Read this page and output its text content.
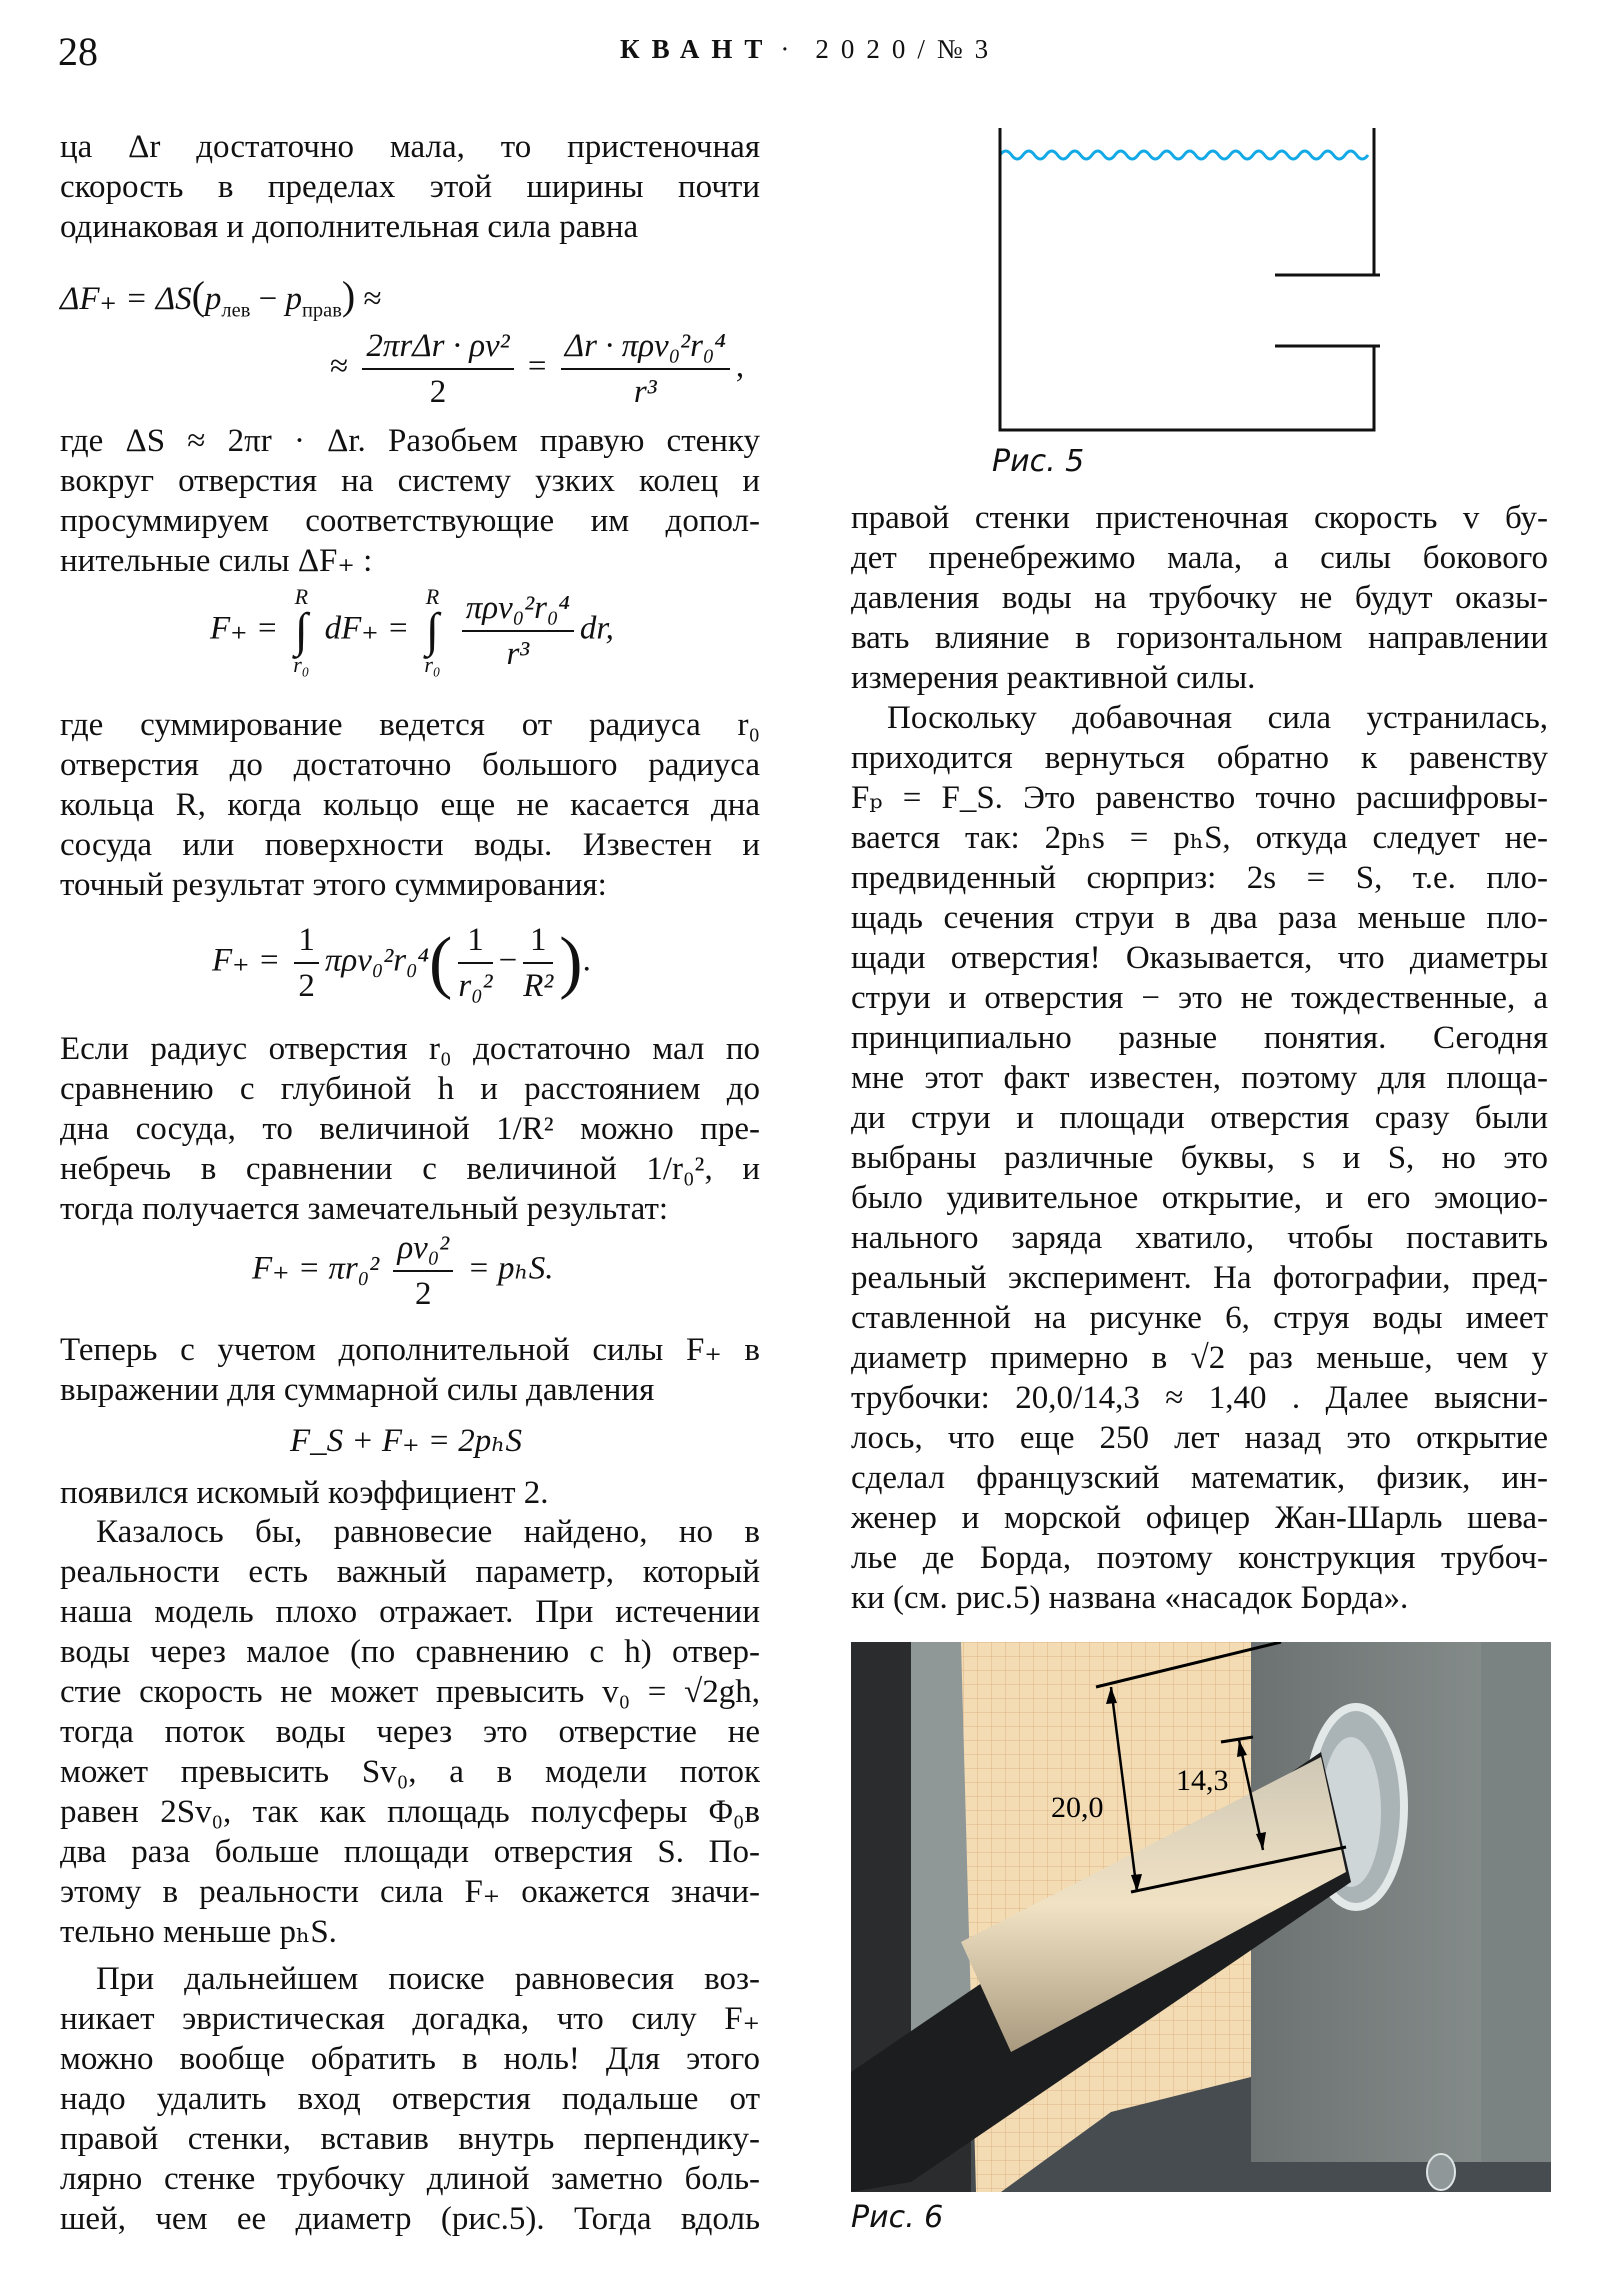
28	КВАНТ · 2020/№3
ца Δr достаточно мала, то пристеночная
скорость в пределах этой ширины почти
одинаковая и дополнительная сила равна
$\Delta F_+ = \Delta S(p_{лев} - p_{прав})$ ≈
≈ $\frac{\text{2πrΔr · ρv²}}{2} = \frac{\text{Δr · πρv₀²r₀⁴}}{\text{r³}}$ ,
где ΔS ≈ 2πr · Δr. Разобьем правую стенку
вокруг отверстия на систему узких колец и
просуммируем соответствующие им допол-
нительные силы ΔF₊ :
F₊ =
R
∫
r₀
dF₊ =
R
∫
r₀
$\frac{\text{πρv₀²r₀⁴}}{\text{r³}}$ dr,
где суммирование ведется от радиуса r₀
отверстия до достаточно большого радиуса
кольца R, когда кольцо еще не касается дна
сосуда или поверхности воды. Известен и
точный результат этого суммирования:
$F_+ = \frac{1}{2} \pi\rho v_0^2r_0^4( \frac{1}{\text{r₀²}} - \frac{1}{\text{R²}}$ ).
Если радиус отверстия r₀ достаточно мал по
сравнению с глубиной h и расстоянием до
дна сосуда, то величиной 1/R² можно пре-
небречь в сравнении с величиной 1/r₀², и
тогда получается замечательный результат:
$F_+ = \pi r_0^2 \frac{\text{ρv₀²}}{2} = p_hS$.
Теперь с учетом дополнительной силы F₊ в
выражении для суммарной силы давления
F_S + F₊ = 2pₕS
появился искомый коэффициент 2.
Казалось бы, равновесие найдено, но в
реальности есть важный параметр, который
наша модель плохо отражает. При истечении
воды через малое (по сравнению с h) отвер-
стие скорость не может превысить v₀ = √2gh,
тогда поток воды через это отверстие не
может превысить Sv₀, а в модели поток
равен 2Sv₀, так как площадь полусферы Φ₀в
два раза больше площади отверстия S. По-
этому в реальности сила F₊ окажется значи-
тельно меньше pₕS.
При дальнейшем поиске равновесия воз-
никает эвристическая догадка, что силу F₊
можно вообще обратить в ноль! Для этого
надо удалить вход отверстия подальше от
правой стенки, вставив внутрь перпендику-
лярно стенке трубочку длиной заметно боль-
шей, чем ее диаметр (рис.5). Тогда вдоль
Рис. 5
правой стенки пристеночная скорость v бу-
дет пренебрежимо мала, а силы бокового
давления воды на трубочку не будут оказы-
вать влияние в горизонтальном направлении
измерения реактивной силы.
Поскольку добавочная сила устранилась,
приходится вернуться обратно к равенству
Fₚ = F_S. Это равенство точно расшифровы-
вается так: 2pₕs = pₕS, откуда следует не-
предвиденный сюрприз: 2s = S, т.е. пло-
щадь сечения струи в два раза меньше пло-
щади отверстия! Оказывается, что диаметры
струи и отверстия − это не тождественные, а
принципиально разные понятия. Сегодня
мне этот факт известен, поэтому для площа-
ди струи и площади отверстия сразу были
выбраны различные буквы, s и S, но это
было удивительное открытие, и его эмоцио-
нального заряда хватило, чтобы поставить
реальный эксперимент. На фотографии, пред-
ставленной на рисунке 6, струя воды имеет
диаметр примерно в √2 раз меньше, чем у
трубочки: 20,0/14,3 ≈ 1,40 . Далее выясни-
лось, что еще 250 лет назад это открытие
сделал французский математик, физик, ин-
женер и морской офицер Жан-Шарль шева-
лье де Борда, поэтому конструкция трубоч-
ки (см. рис.5) названа «насадок Борда».
20,0
14,3
Рис. 6
